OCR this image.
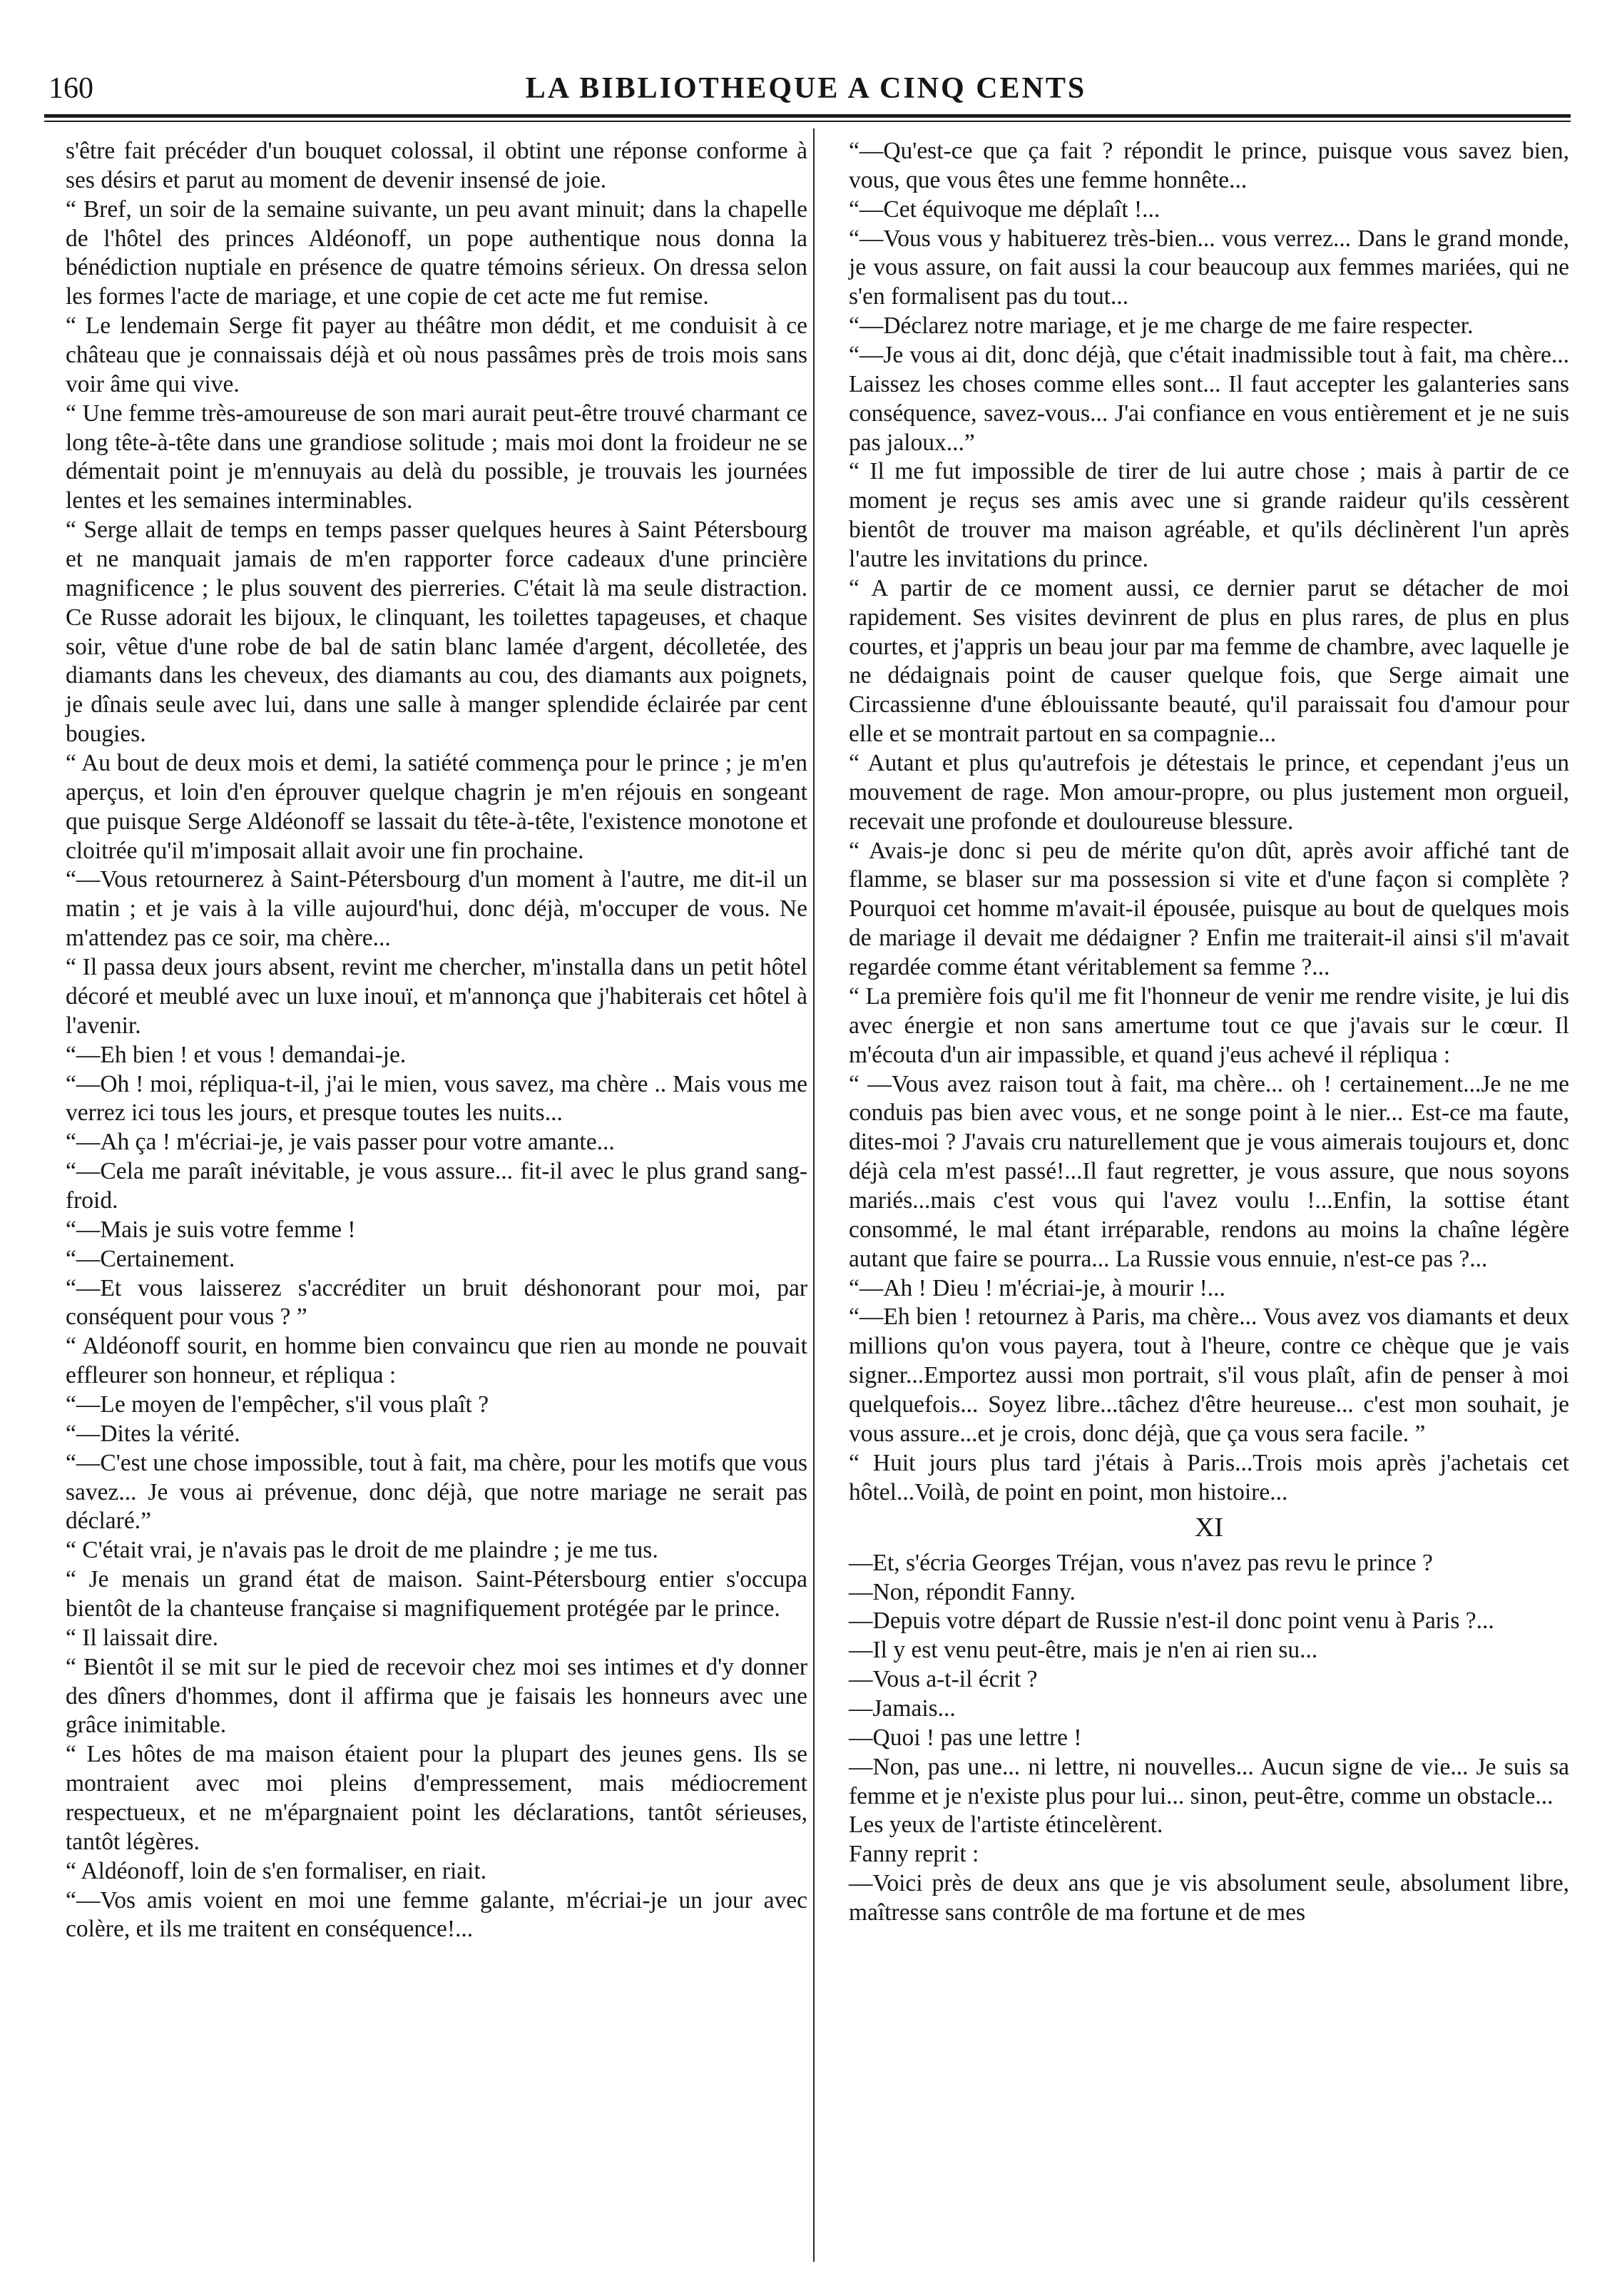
160	LA BIBLIOTHEQUE A CINQ CENTS

s'être fait précéder d'un bouquet colossal, il obtint une réponse conforme à ses désirs et parut au moment de devenir insensé de joie.

“ Bref, un soir de la semaine suivante, un peu avant minuit; dans la chapelle de l'hôtel des princes Aldéonoff, un pope authentique nous donna la bénédiction nuptiale en présence de quatre témoins sérieux. On dressa selon les formes l'acte de mariage, et une copie de cet acte me fut remise.

“ Le lendemain Serge fit payer au théâtre mon dédit, et me conduisit à ce château que je connaissais déjà et où nous passâmes près de trois mois sans voir âme qui vive.

“ Une femme très-amoureuse de son mari aurait peut-être trouvé charmant ce long tête-à-tête dans une grandiose solitude ; mais moi dont la froideur ne se démentait point je m'ennuyais au delà du possible, je trouvais les journées lentes et les semaines interminables.

“ Serge allait de temps en temps passer quelques heures à Saint Pétersbourg et ne manquait jamais de m'en rapporter force cadeaux d'une princière magnificence ; le plus souvent des pierreries. C'était là ma seule distraction. Ce Russe adorait les bijoux, le clinquant, les toilettes tapageuses, et chaque soir, vêtue d'une robe de bal de satin blanc lamée d'argent, décolletée, des diamants dans les cheveux, des diamants au cou, des diamants aux poignets, je dînais seule avec lui, dans une salle à manger splendide éclairée par cent bougies.

“ Au bout de deux mois et demi, la satiété commença pour le prince ; je m'en aperçus, et loin d'en éprouver quelque chagrin je m'en réjouis en songeant que puisque Serge Aldéonoff se lassait du tête-à-tête, l'existence monotone et cloitrée qu'il m'imposait allait avoir une fin prochaine.

“—Vous retournerez à Saint-Pétersbourg d'un moment à l'autre, me dit-il un matin ; et je vais à la ville aujourd'hui, donc déjà, m'occuper de vous. Ne m'attendez pas ce soir, ma chère...

“ Il passa deux jours absent, revint me chercher, m'installa dans un petit hôtel décoré et meublé avec un luxe inouï, et m'annonça que j'habiterais cet hôtel à l'avenir.

“—Eh bien ! et vous ! demandai-je.

“—Oh ! moi, répliqua-t-il, j'ai le mien, vous savez, ma chère .. Mais vous me verrez ici tous les jours, et presque toutes les nuits...

“—Ah ça ! m'écriai-je, je vais passer pour votre amante...

“—Cela me paraît inévitable, je vous assure... fit-il avec le plus grand sang-froid.

“—Mais je suis votre femme !

“—Certainement.

“—Et vous laisserez s'accréditer un bruit déshonorant pour moi, par conséquent pour vous ? ”

“ Aldéonoff sourit, en homme bien convaincu que rien au monde ne pouvait effleurer son honneur, et répliqua :

“—Le moyen de l'empêcher, s'il vous plaît ?

“—Dites la vérité.

“—C'est une chose impossible, tout à fait, ma chère, pour les motifs que vous savez... Je vous ai prévenue, donc déjà, que notre mariage ne serait pas déclaré.”

“ C'était vrai, je n'avais pas le droit de me plaindre ; je me tus.

“ Je menais un grand état de maison. Saint-Pétersbourg entier s'occupa bientôt de la chanteuse française si magnifiquement protégée par le prince.

“ Il laissait dire.

“ Bientôt il se mit sur le pied de recevoir chez moi ses intimes et d'y donner des dîners d'hommes, dont il affirma que je faisais les honneurs avec une grâce inimitable.

“ Les hôtes de ma maison étaient pour la plupart des jeunes gens. Ils se montraient avec moi pleins d'empressement, mais médiocrement respectueux, et ne m'épargnaient point les déclarations, tantôt sérieuses, tantôt légères.

“ Aldéonoff, loin de s'en formaliser, en riait.

“—Vos amis voient en moi une femme galante, m'écriai-je un jour avec colère, et ils me traitent en conséquence!...

“—Qu'est-ce que ça fait ? répondit le prince, puisque vous savez bien, vous, que vous êtes une femme honnête...

“—Cet équivoque me déplaît !...

“—Vous vous y habituerez très-bien... vous verrez... Dans le grand monde, je vous assure, on fait aussi la cour beaucoup aux femmes mariées, qui ne s'en formalisent pas du tout...

“—Déclarez notre mariage, et je me charge de me faire respecter.

“—Je vous ai dit, donc déjà, que c'était inadmissible tout à fait, ma chère... Laissez les choses comme elles sont... Il faut accepter les galanteries sans conséquence, savez-vous... J'ai confiance en vous entièrement et je ne suis pas jaloux...”

“ Il me fut impossible de tirer de lui autre chose ; mais à partir de ce moment je reçus ses amis avec une si grande raideur qu'ils cessèrent bientôt de trouver ma maison agréable, et qu'ils déclinèrent l'un après l'autre les invitations du prince.

“ A partir de ce moment aussi, ce dernier parut se détacher de moi rapidement. Ses visites devinrent de plus en plus rares, de plus en plus courtes, et j'appris un beau jour par ma femme de chambre, avec laquelle je ne dédaignais point de causer quelque fois, que Serge aimait une Circassienne d'une éblouissante beauté, qu'il paraissait fou d'amour pour elle et se montrait partout en sa compagnie...

“ Autant et plus qu'autrefois je détestais le prince, et cependant j'eus un mouvement de rage. Mon amour-propre, ou plus justement mon orgueil, recevait une profonde et douloureuse blessure.

“ Avais-je donc si peu de mérite qu'on dût, après avoir affiché tant de flamme, se blaser sur ma possession si vite et d'une façon si complète ? Pourquoi cet homme m'avait-il épousée, puisque au bout de quelques mois de mariage il devait me dédaigner ? Enfin me traiterait-il ainsi s'il m'avait regardée comme étant véritablement sa femme ?...

“ La première fois qu'il me fit l'honneur de venir me rendre visite, je lui dis avec énergie et non sans amertume tout ce que j'avais sur le cœur. Il m'écouta d'un air impassible, et quand j'eus achevé il répliqua :

“ —Vous avez raison tout à fait, ma chère... oh ! certainement...Je ne me conduis pas bien avec vous, et ne songe point à le nier... Est-ce ma faute, dites-moi ? J'avais cru naturellement que je vous aimerais toujours et, donc déjà cela m'est passé!...Il faut regretter, je vous assure, que nous soyons mariés...mais c'est vous qui l'avez voulu !...Enfin, la sottise étant consommé, le mal étant irréparable, rendons au moins la chaîne légère autant que faire se pourra... La Russie vous ennuie, n'est-ce pas ?...

“—Ah ! Dieu ! m'écriai-je, à mourir !...

“—Eh bien ! retournez à Paris, ma chère... Vous avez vos diamants et deux millions qu'on vous payera, tout à l'heure, contre ce chèque que je vais signer...Emportez aussi mon portrait, s'il vous plaît, afin de penser à moi quelquefois... Soyez libre...tâchez d'être heureuse... c'est mon souhait, je vous assure...et je crois, donc déjà, que ça vous sera facile. ”

“ Huit jours plus tard j'étais à Paris...Trois mois après j'achetais cet hôtel...Voilà, de point en point, mon histoire...

XI

—Et, s'écria Georges Tréjan, vous n'avez pas revu le prince ?

—Non, répondit Fanny.

—Depuis votre départ de Russie n'est-il donc point venu à Paris ?...

—Il y est venu peut-être, mais je n'en ai rien su...

—Vous a-t-il écrit ?

—Jamais...

—Quoi ! pas une lettre !

—Non, pas une... ni lettre, ni nouvelles... Aucun signe de vie... Je suis sa femme et je n'existe plus pour lui... sinon, peut-être, comme un obstacle...

Les yeux de l'artiste étincelèrent.

Fanny reprit :

—Voici près de deux ans que je vis absolument seule, absolument libre, maîtresse sans contrôle de ma fortune et de mes
